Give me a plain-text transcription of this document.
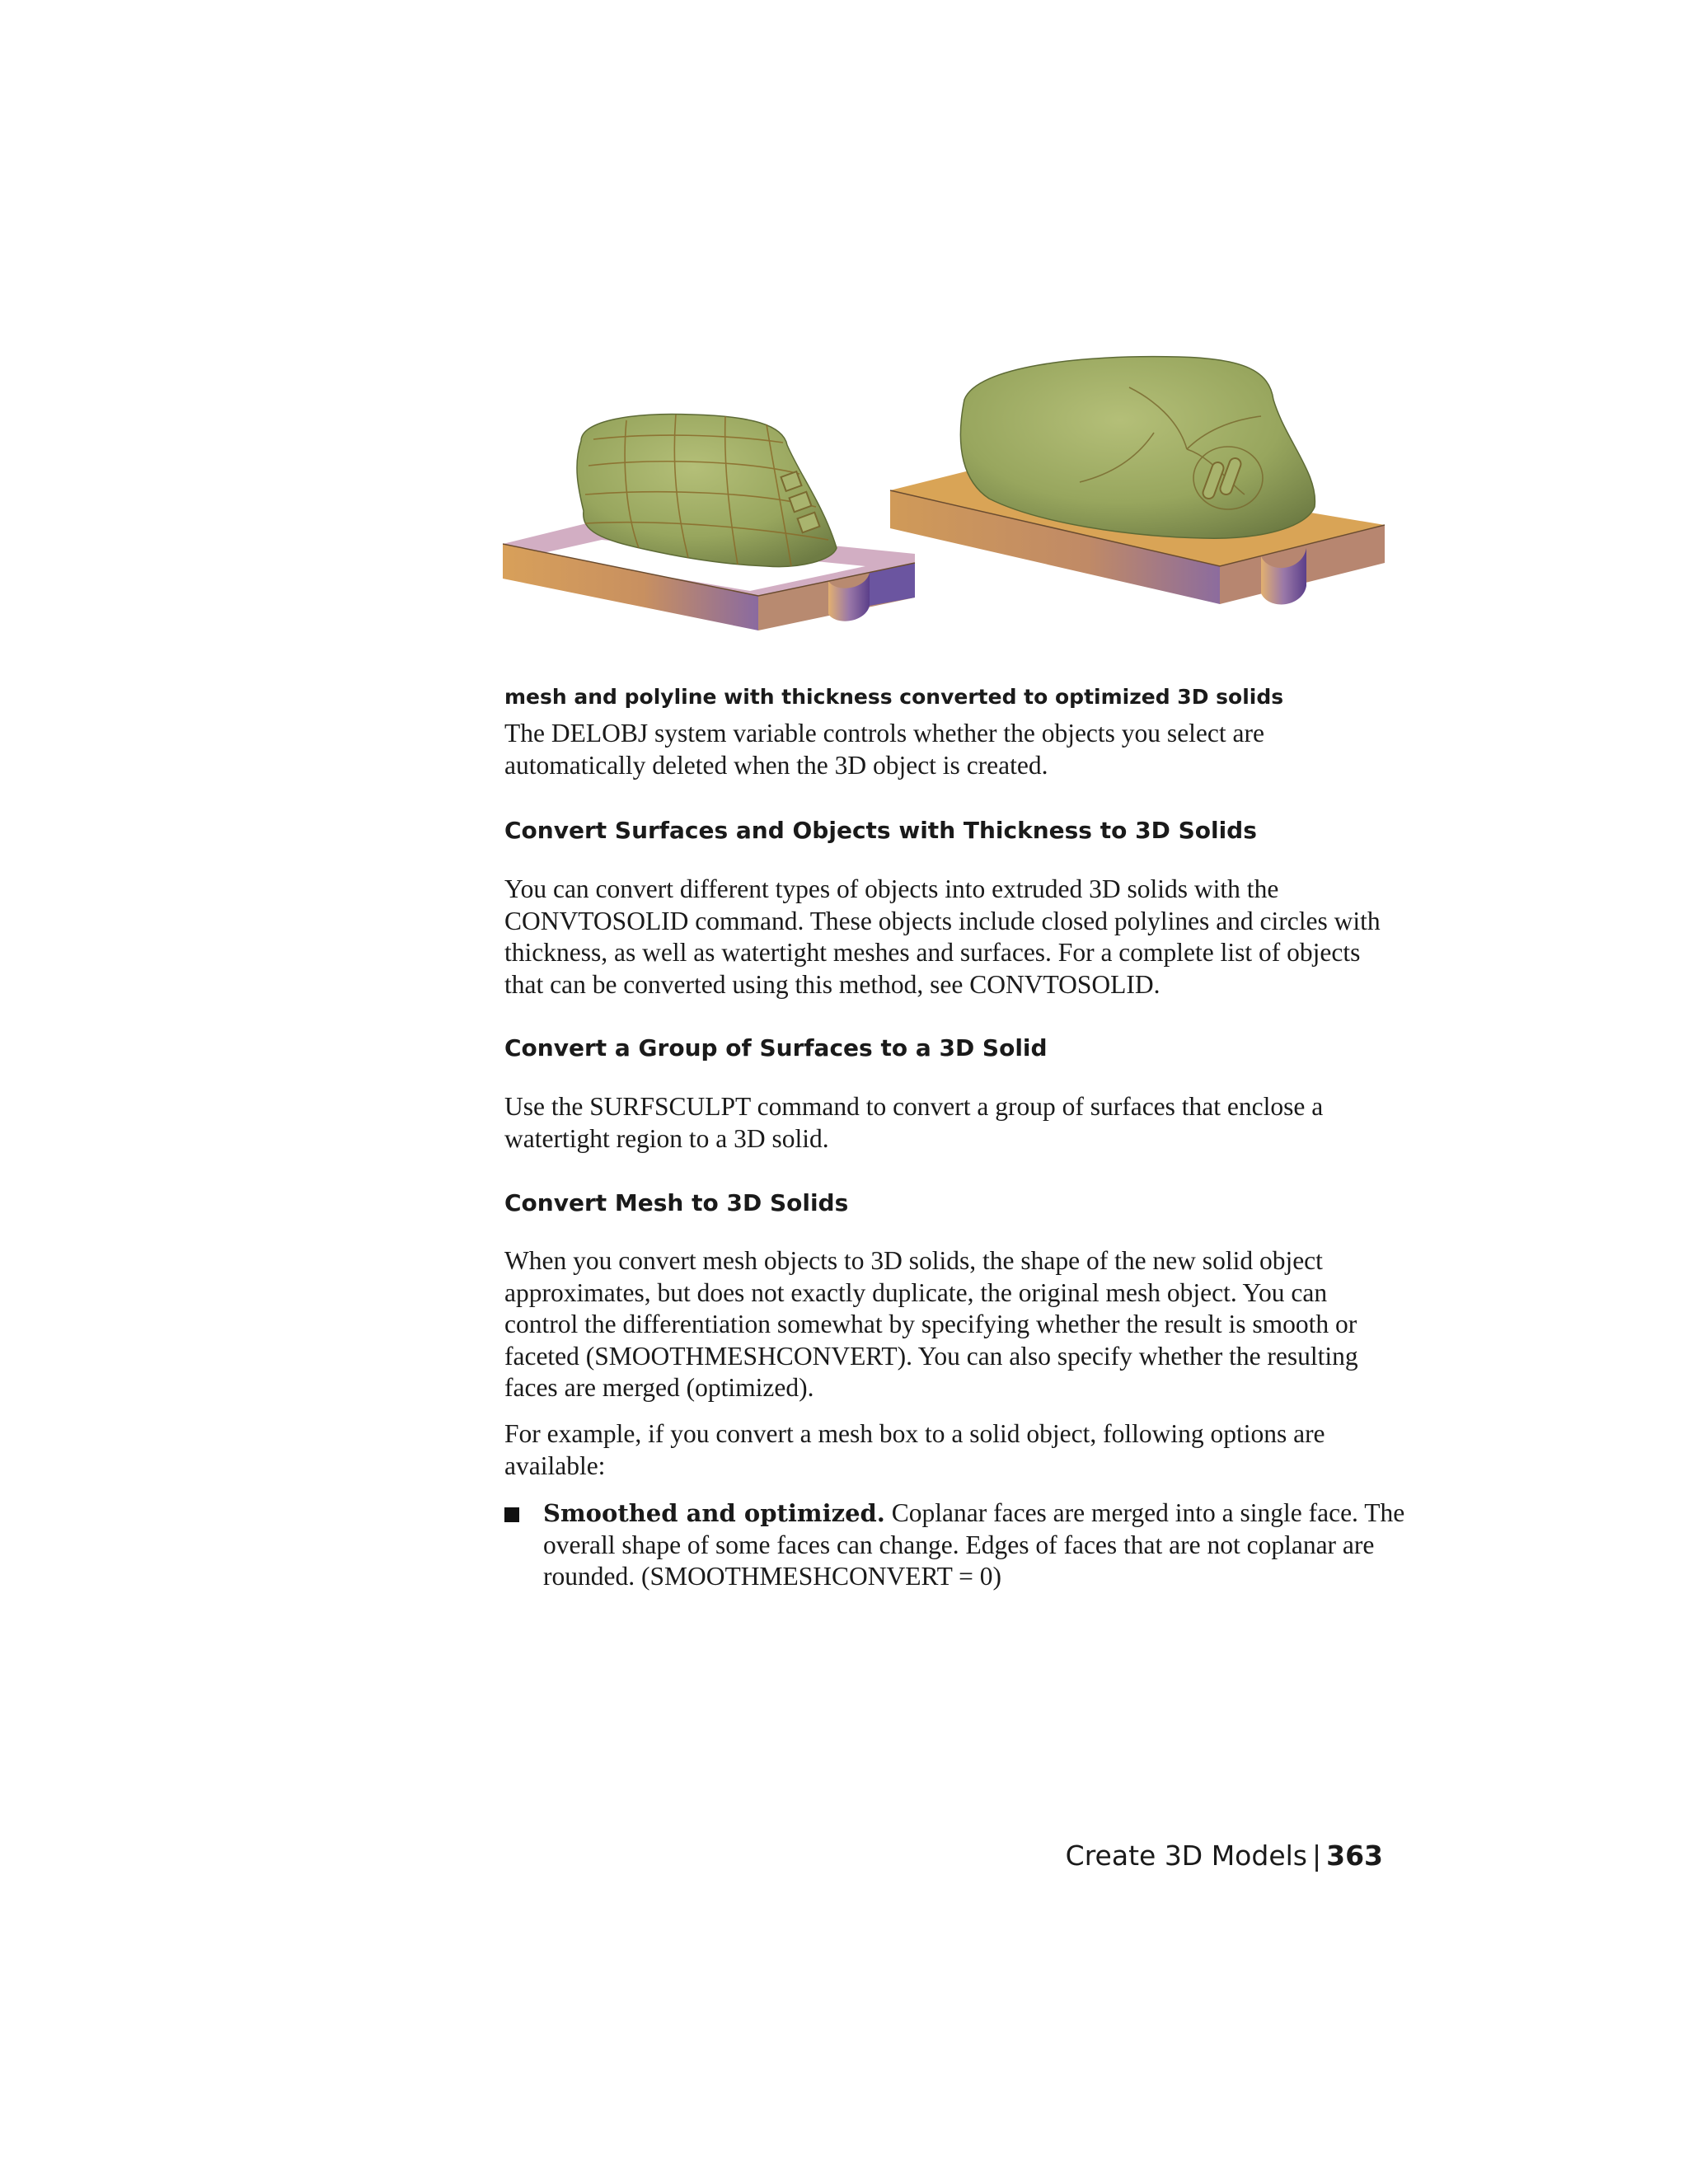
mesh and polyline with thickness converted to optimized 3D solids

The DELOBJ system variable controls whether the objects you select are automatically deleted when the 3D object is created.

Convert Surfaces and Objects with Thickness to 3D Solids

You can convert different types of objects into extruded 3D solids with the CONVTOSOLID command. These objects include closed polylines and circles with thickness, as well as watertight meshes and surfaces. For a complete list of objects that can be converted using this method, see CONVTOSOLID.

Convert a Group of Surfaces to a 3D Solid

Use the SURFSCULPT command to convert a group of surfaces that enclose a watertight region to a 3D solid.

Convert Mesh to 3D Solids

When you convert mesh objects to 3D solids, the shape of the new solid object approximates, but does not exactly duplicate, the original mesh object. You can control the differentiation somewhat by specifying whether the result is smooth or faceted (SMOOTHMESHCONVERT). You can also specify whether the resulting faces are merged (optimized).

For example, if you convert a mesh box to a solid object, following options are available:

Smoothed and optimized. Coplanar faces are merged into a single face. The overall shape of some faces can change. Edges of faces that are not coplanar are rounded. (SMOOTHMESHCONVERT = 0)

Create 3D Models | 363
